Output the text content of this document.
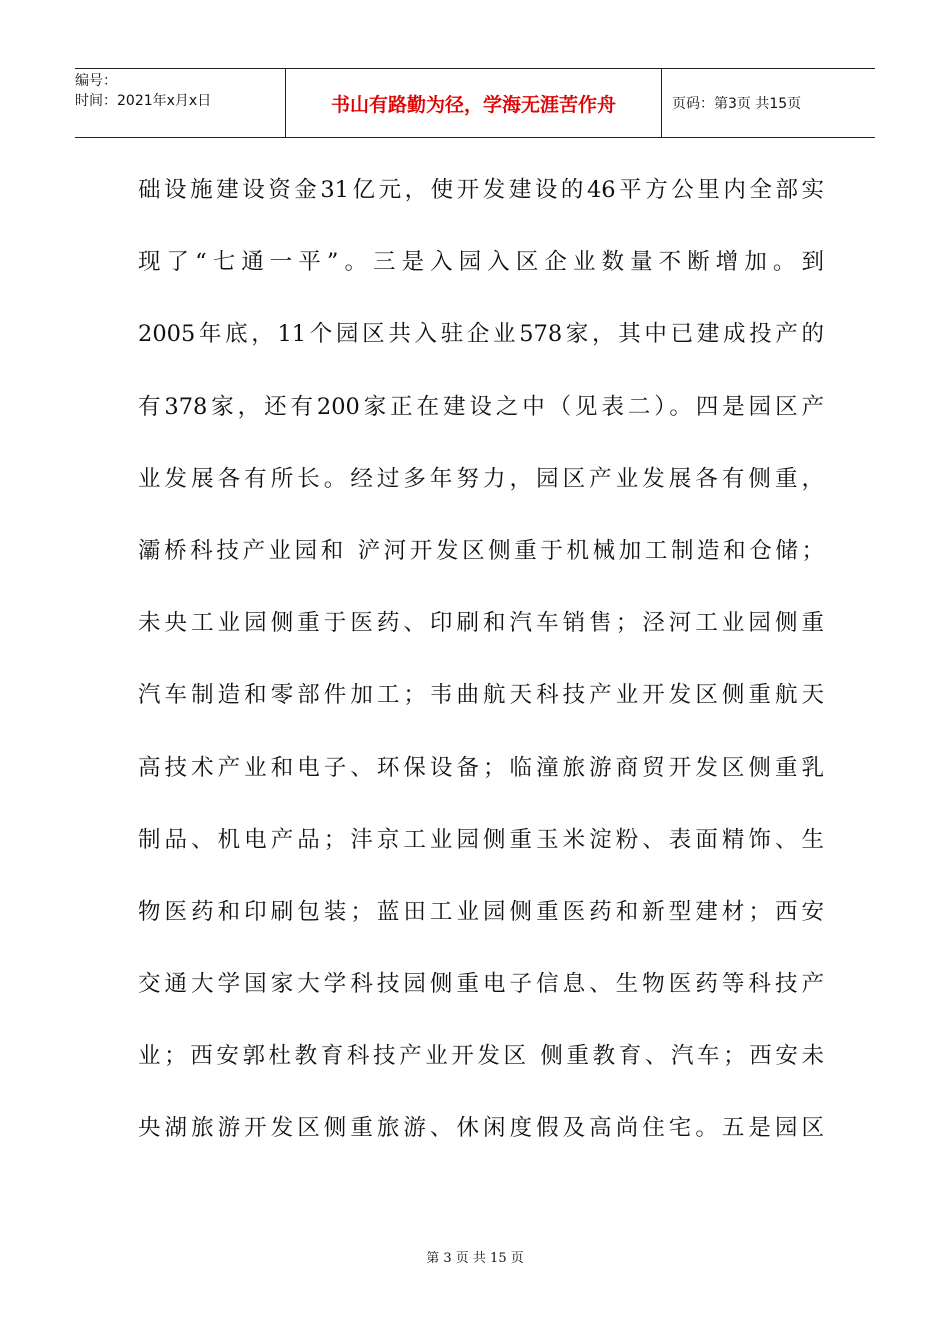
编号：
时间：2021年x月x日	书山有路勤为径，学海无涯苦作舟	页码：第3页 共15页
础设施建设资金31亿元，使开发建设的46平方公里内全部实
现了“七通一平”。三是入园入区企业数量不断增加。到
2005年底，11个园区共入驻企业578家，其中已建成投产的
有378家，还有200家正在建设之中（见表二）。四是园区产
业发展各有所长。经过多年努力，园区产业发展各有侧重，
灞桥科技产业园和 浐河开发区侧重于机械加工制造和仓储；
未央工业园侧重于医药、印刷和汽车销售；泾河工业园侧重
汽车制造和零部件加工；韦曲航天科技产业开发区侧重航天
高技术产业和电子、环保设备；临潼旅游商贸开发区侧重乳
制品、机电产品；沣京工业园侧重玉米淀粉、表面精饰、生
物医药和印刷包装；蓝田工业园侧重医药和新型建材；西安
交通大学国家大学科技园侧重电子信息、生物医药等科技产
业；西安郭杜教育科技产业开发区 侧重教育、汽车；西安未
央湖旅游开发区侧重旅游、休闲度假及高尚住宅。五是园区
第 3 页 共 15 页
